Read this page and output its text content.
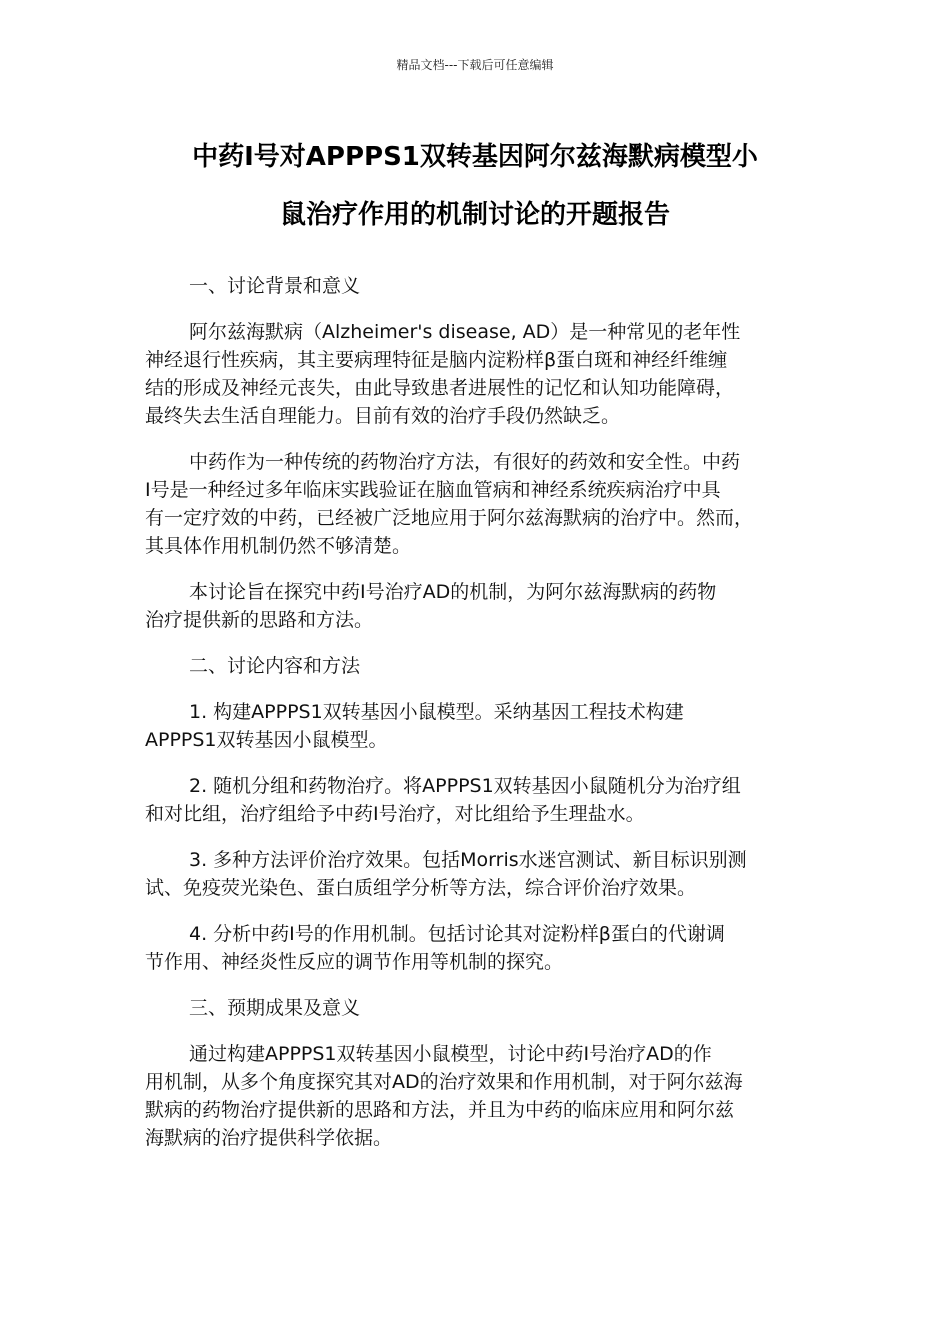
精品文档---下载后可任意编辑
中药Ⅰ号对APPPS1双转基因阿尔兹海默病模型小
鼠治疗作用的机制讨论的开题报告

一、讨论背景和意义

阿尔兹海默病（Alzheimer's disease, AD）是一种常见的老年性
神经退行性疾病，其主要病理特征是脑内淀粉样β蛋白斑和神经纤维缠
结的形成及神经元丧失，由此导致患者进展性的记忆和认知功能障碍，
最终失去生活自理能力。目前有效的治疗手段仍然缺乏。

中药作为一种传统的药物治疗方法，有很好的药效和安全性。中药
Ⅰ号是一种经过多年临床实践验证在脑血管病和神经系统疾病治疗中具
有一定疗效的中药，已经被广泛地应用于阿尔兹海默病的治疗中。然而，
其具体作用机制仍然不够清楚。

本讨论旨在探究中药Ⅰ号治疗AD的机制，为阿尔兹海默病的药物
治疗提供新的思路和方法。

二、讨论内容和方法

1. 构建APPPS1双转基因小鼠模型。采纳基因工程技术构建
APPPS1双转基因小鼠模型。

2. 随机分组和药物治疗。将APPPS1双转基因小鼠随机分为治疗组
和对比组，治疗组给予中药Ⅰ号治疗，对比组给予生理盐水。

3. 多种方法评价治疗效果。包括Morris水迷宫测试、新目标识别测
试、免疫荧光染色、蛋白质组学分析等方法，综合评价治疗效果。

4. 分析中药Ⅰ号的作用机制。包括讨论其对淀粉样β蛋白的代谢调
节作用、神经炎性反应的调节作用等机制的探究。

三、预期成果及意义

通过构建APPPS1双转基因小鼠模型，讨论中药Ⅰ号治疗AD的作
用机制，从多个角度探究其对AD的治疗效果和作用机制，对于阿尔兹海
默病的药物治疗提供新的思路和方法，并且为中药的临床应用和阿尔兹
海默病的治疗提供科学依据。
